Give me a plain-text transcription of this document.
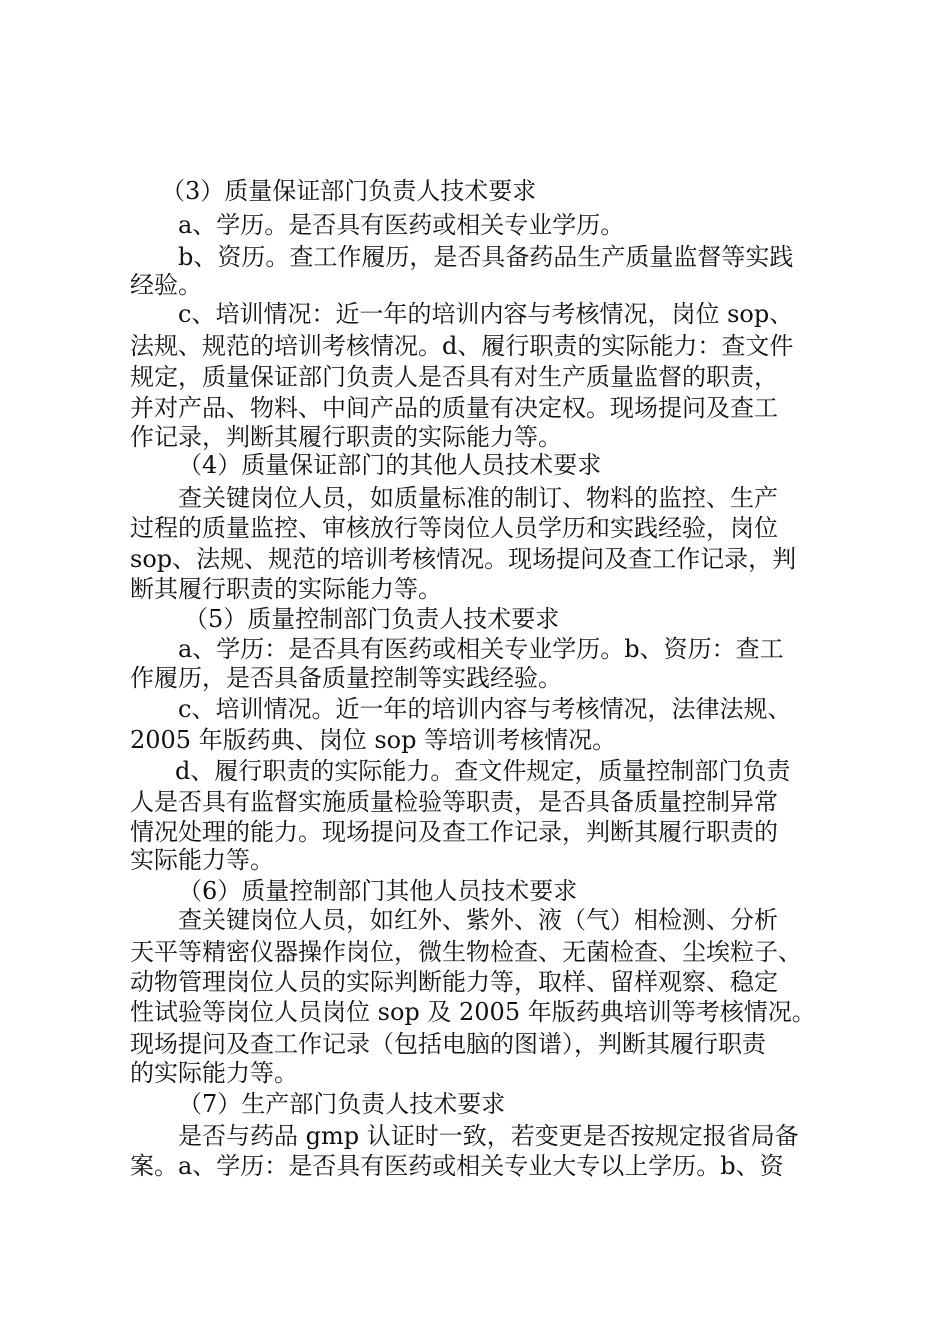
（3）质量保证部门负责人技术要求
a、学历。是否具有医药或相关专业学历。
b、资历。查工作履历，是否具备药品生产质量监督等实践
经验。
c、培训情况：近一年的培训内容与考核情况，岗位 sop、
法规、规范的培训考核情况。d、履行职责的实际能力：查文件
规定，质量保证部门负责人是否具有对生产质量监督的职责，
并对产品、物料、中间产品的质量有决定权。现场提问及查工
作记录，判断其履行职责的实际能力等。
（4）质量保证部门的其他人员技术要求
查关键岗位人员，如质量标准的制订、物料的监控、生产
过程的质量监控、审核放行等岗位人员学历和实践经验，岗位
sop、法规、规范的培训考核情况。现场提问及查工作记录，判
断其履行职责的实际能力等。
（5）质量控制部门负责人技术要求
a、学历：是否具有医药或相关专业学历。b、资历：查工
作履历，是否具备质量控制等实践经验。
c、培训情况。近一年的培训内容与考核情况，法律法规、
2005 年版药典、岗位 sop 等培训考核情况。
d、履行职责的实际能力。查文件规定，质量控制部门负责
人是否具有监督实施质量检验等职责，是否具备质量控制异常
情况处理的能力。现场提问及查工作记录，判断其履行职责的
实际能力等。
（6）质量控制部门其他人员技术要求
查关键岗位人员，如红外、紫外、液（气）相检测、分析
天平等精密仪器操作岗位，微生物检查、无菌检查、尘埃粒子、
动物管理岗位人员的实际判断能力等，取样、留样观察、稳定
性试验等岗位人员岗位 sop 及 2005 年版药典培训等考核情况。
现场提问及查工作记录（包括电脑的图谱），判断其履行职责
的实际能力等。
（7）生产部门负责人技术要求
是否与药品 gmp 认证时一致，若变更是否按规定报省局备
案。a、学历：是否具有医药或相关专业大专以上学历。b、资
